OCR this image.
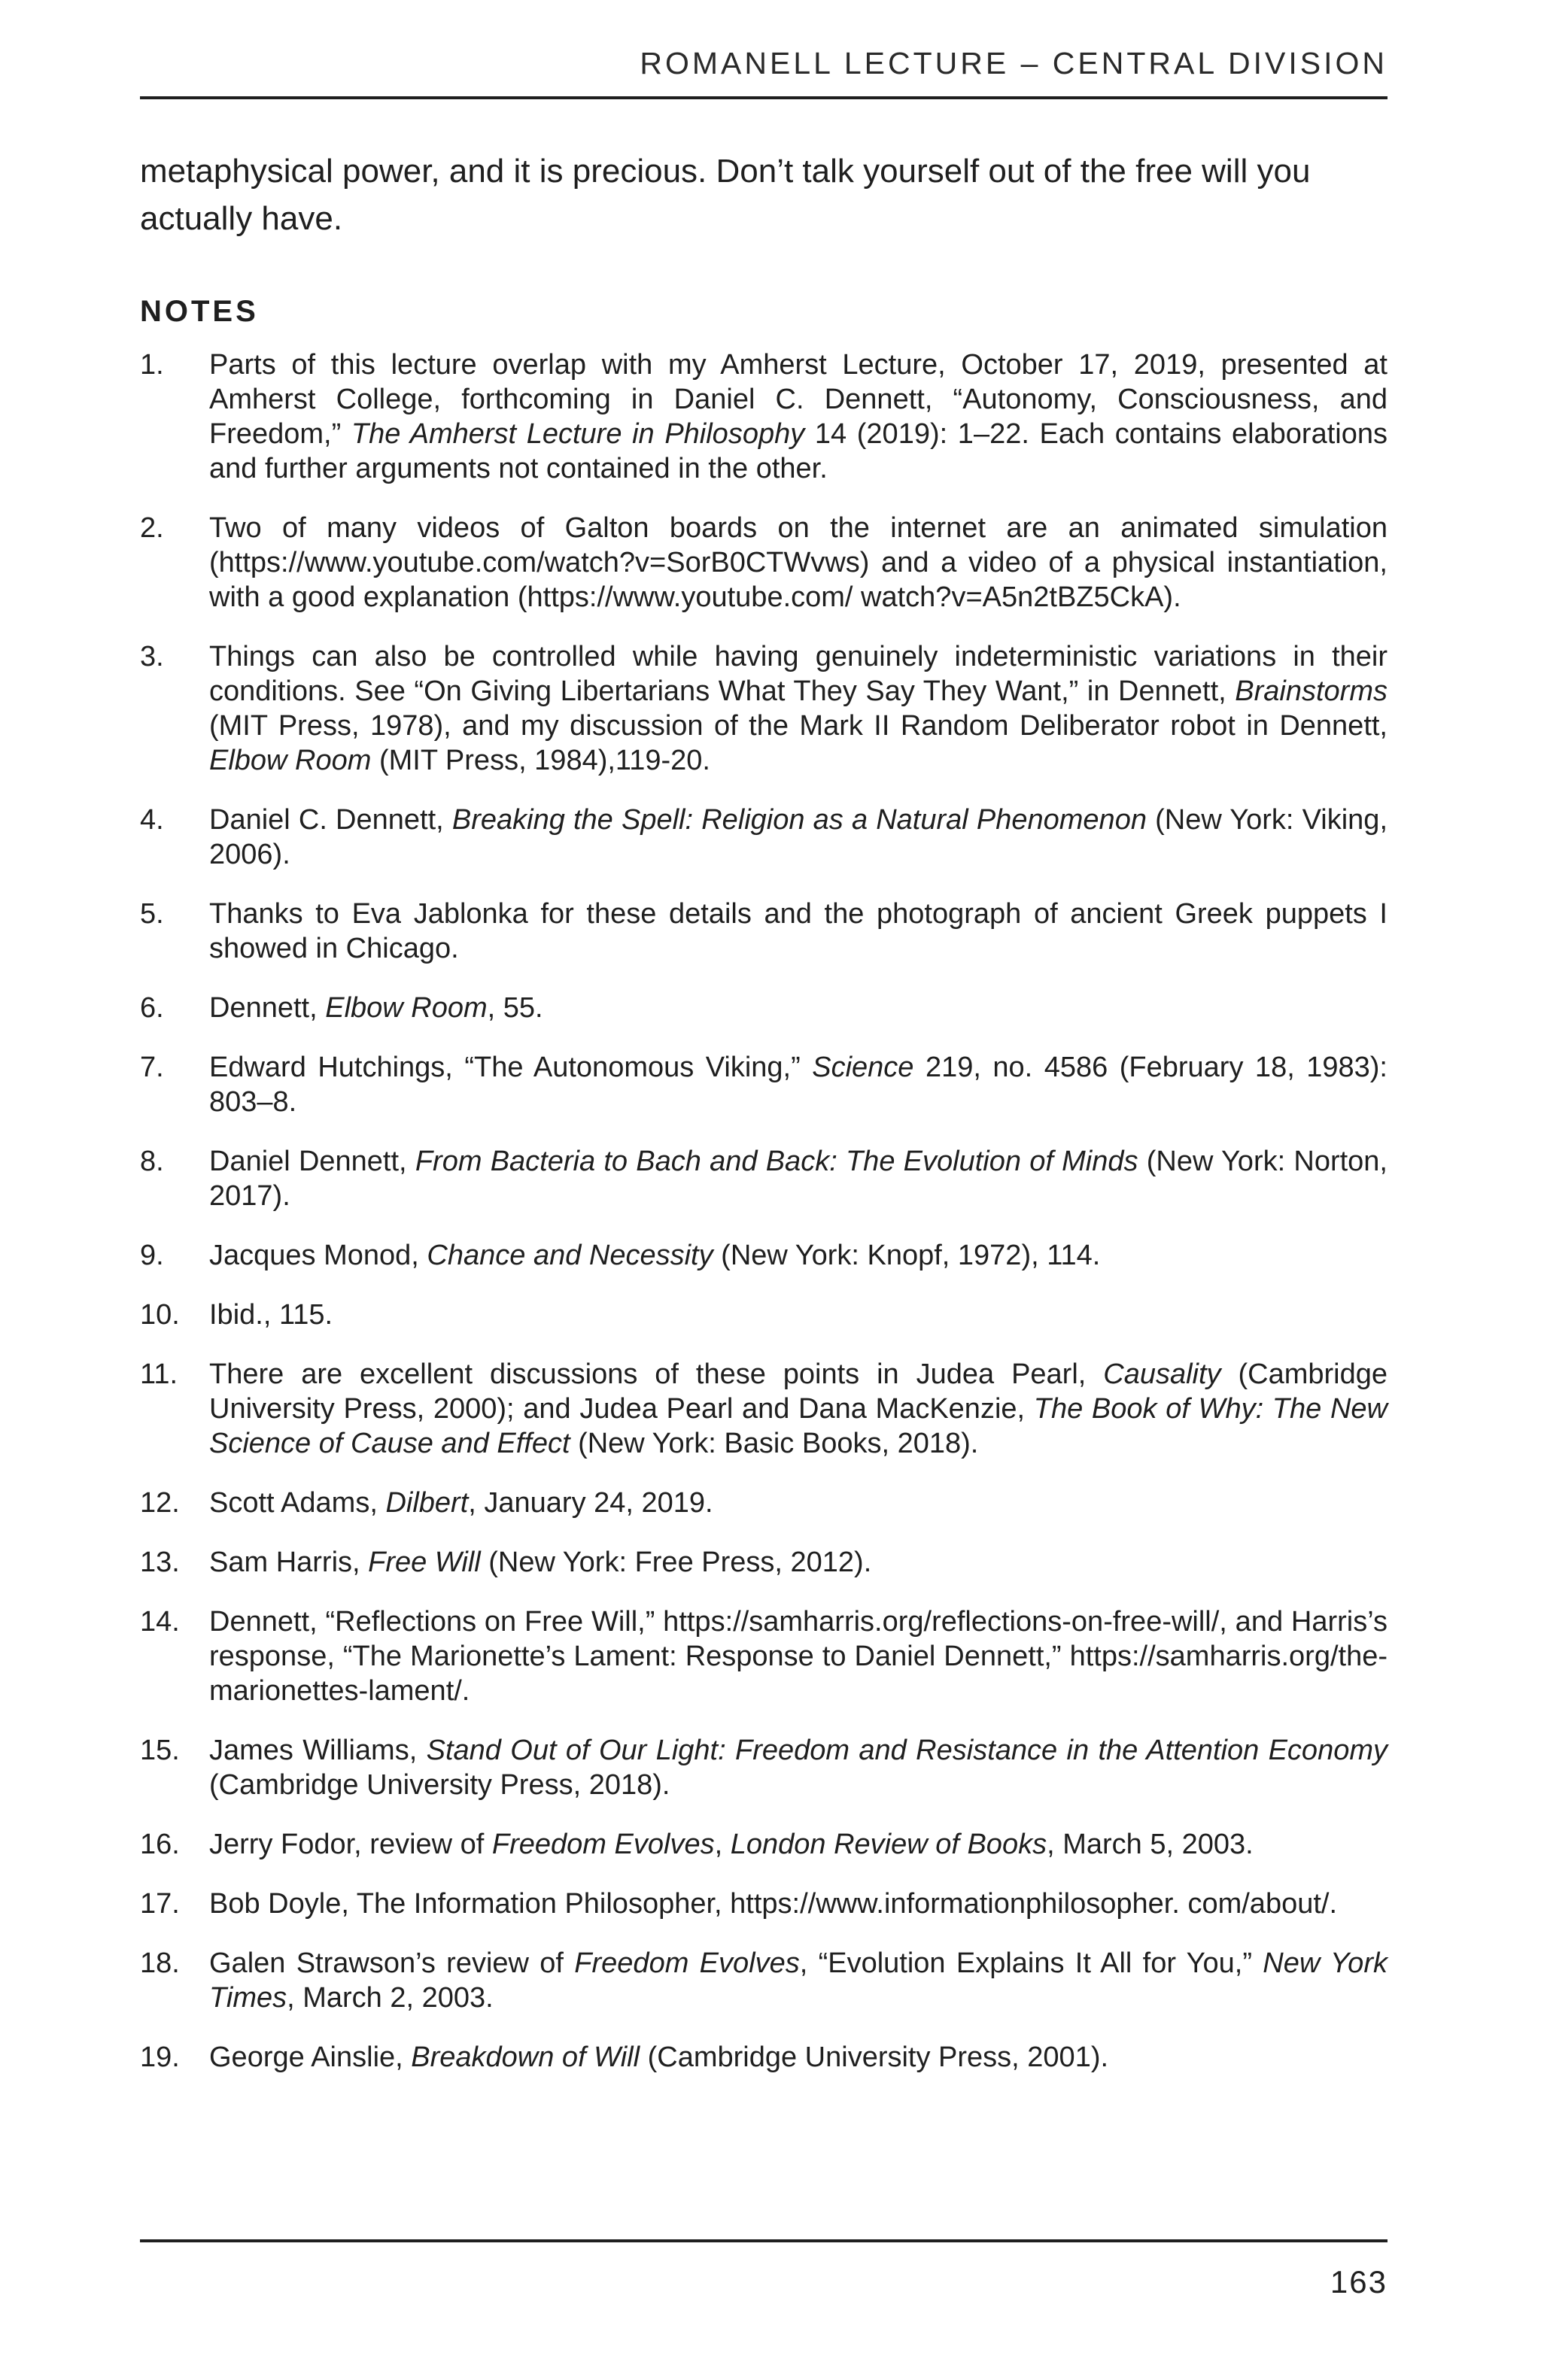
ROMANELL LECTURE – CENTRAL DIVISION
metaphysical power, and it is precious. Don’t talk yourself out of the free will you actually have.
NOTES
1. Parts of this lecture overlap with my Amherst Lecture, October 17, 2019, presented at Amherst College, forthcoming in Daniel C. Dennett, “Autonomy, Consciousness, and Freedom,” The Amherst Lecture in Philosophy 14 (2019): 1–22. Each contains elaborations and further arguments not contained in the other.
2. Two of many videos of Galton boards on the internet are an animated simulation (https://www.youtube.com/watch?v=SorB0CTWvws) and a video of a physical instantiation, with a good explanation (https://www.youtube.com/ watch?v=A5n2tBZ5CkA).
3. Things can also be controlled while having genuinely indeterministic variations in their conditions. See “On Giving Libertarians What They Say They Want,” in Dennett, Brainstorms (MIT Press, 1978), and my discussion of the Mark II Random Deliberator robot in Dennett, Elbow Room (MIT Press, 1984),119-20.
4. Daniel C. Dennett, Breaking the Spell: Religion as a Natural Phenomenon (New York: Viking, 2006).
5. Thanks to Eva Jablonka for these details and the photograph of ancient Greek puppets I showed in Chicago.
6. Dennett, Elbow Room, 55.
7. Edward Hutchings, “The Autonomous Viking,” Science 219, no. 4586 (February 18, 1983): 803–8.
8. Daniel Dennett, From Bacteria to Bach and Back: The Evolution of Minds (New York: Norton, 2017).
9. Jacques Monod, Chance and Necessity (New York: Knopf, 1972), 114.
10. Ibid., 115.
11. There are excellent discussions of these points in Judea Pearl, Causality (Cambridge University Press, 2000); and Judea Pearl and Dana MacKenzie, The Book of Why: The New Science of Cause and Effect (New York: Basic Books, 2018).
12. Scott Adams, Dilbert, January 24, 2019.
13. Sam Harris, Free Will (New York: Free Press, 2012).
14. Dennett, “Reflections on Free Will,” https://samharris.org/reflections-on-free-will/, and Harris’s response, “The Marionette’s Lament: Response to Daniel Dennett,” https://samharris.org/the-marionettes-lament/.
15. James Williams, Stand Out of Our Light: Freedom and Resistance in the Attention Economy (Cambridge University Press, 2018).
16. Jerry Fodor, review of Freedom Evolves, London Review of Books, March 5, 2003.
17. Bob Doyle, The Information Philosopher, https://www.informationphilosopher. com/about/.
18. Galen Strawson’s review of Freedom Evolves, “Evolution Explains It All for You,” New York Times, March 2, 2003.
19. George Ainslie, Breakdown of Will (Cambridge University Press, 2001).
163
